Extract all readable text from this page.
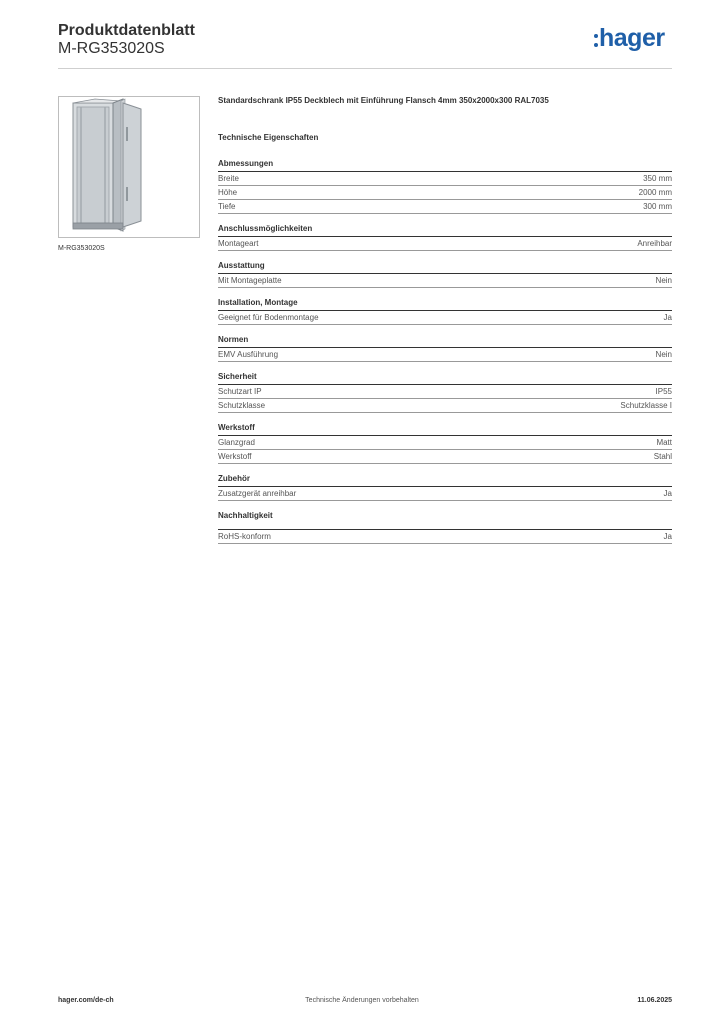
Produktdatenblatt
M-RG353020S	hager
M-RG353020S
Standardschrank IP55 Deckblech mit Einführung Flansch 4mm 350x2000x300 RAL7035
Technische Eigenschaften
Abmessungen
Breite	350 mm
Höhe	2000 mm
Tiefe	300 mm
Anschlussmöglichkeiten
Montageart	Anreihbar
Ausstattung
Mit Montageplatte	Nein
Installation, Montage
Geeignet für Bodenmontage	Ja
Normen
EMV Ausführung	Nein
Sicherheit
Schutzart IP	IP55
Schutzklasse	Schutzklasse I
Werkstoff
Glanzgrad	Matt
Werkstoff	Stahl
Zubehör
Zusatzgerät anreihbar	Ja
Nachhaltigkeit
RoHS-konform	Ja
hager.com/de-ch	Technische Änderungen vorbehalten	11.06.2025
